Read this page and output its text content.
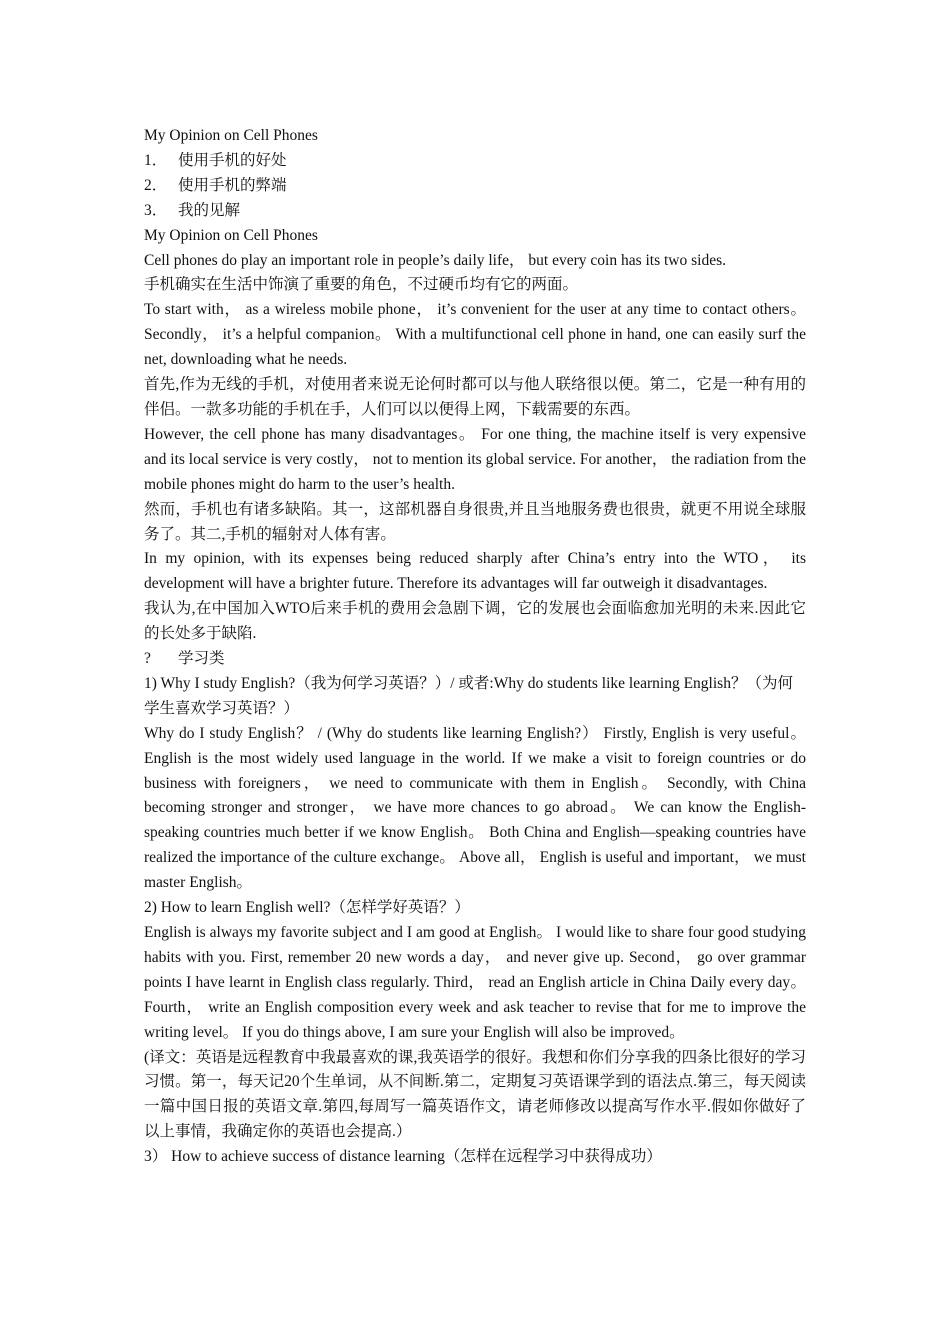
My Opinion on Cell Phones

1． 使用手机的好处

2． 使用手机的弊端

3． 我的见解

My Opinion on Cell Phones

Cell phones do play an important role in people’s daily life， but every coin has its two sides.

手机确实在生活中饰演了重要的角色，不过硬币均有它的两面。

To start with， as a wireless mobile phone， it’s convenient for the user at any time to contact others。 Secondly， it’s a helpful companion。 With a multifunctional cell phone in hand, one can easily surf the net, downloading what he needs.

首先,作为无线的手机，对使用者来说无论何时都可以与他人联络很以便。第二，它是一种有用的伴侣。一款多功能的手机在手，人们可以以便得上网，下载需要的东西。

However, the cell phone has many disadvantages。 For one thing, the machine itself is very expensive and its local service is very costly， not to mention its global service. For another， the radiation from the mobile phones might do harm to the user’s health.

然而，手机也有诸多缺陷。其一，这部机器自身很贵,并且当地服务费也很贵，就更不用说全球服务了。其二,手机的辐射对人体有害。

In my opinion, with its expenses being reduced sharply after China’s entry into the WTO， its development will have a brighter future. Therefore its advantages will far outweigh it disadvantages.

我认为,在中国加入WTO后来手机的费用会急剧下调，它的发展也会面临愈加光明的未来.因此它的长处多于缺陷.

? 学习类

1) Why I study English?（我为何学习英语？）/ 或者:Why do students like learning English？（为何学生喜欢学习英语？）

Why do I study English？ / (Why do students like learning English?） Firstly, English is very useful。 English is the most widely used language in the world. If we make a visit to foreign countries or do business with foreigners， we need to communicate with them in English。 Secondly, with China becoming stronger and stronger， we have more chances to go abroad。 We can know the English-speaking countries much better if we know English。 Both China and English—speaking countries have realized the importance of the culture exchange。 Above all， English is useful and important， we must master English。

2) How to learn English well?（怎样学好英语？）

English is always my favorite subject and I am good at English。 I would like to share four good studying habits with you. First, remember 20 new words a day， and never give up. Second， go over grammar points I have learnt in English class regularly. Third， read an English article in China Daily every day。 Fourth， write an English composition every week and ask teacher to revise that for me to improve the writing level。 If you do things above, I am sure your English will also be improved。

(译文：英语是远程教育中我最喜欢的课,我英语学的很好。我想和你们分享我的四条比很好的学习习惯。第一，每天记20个生单词，从不间断.第二，定期复习英语课学到的语法点.第三，每天阅读一篇中国日报的英语文章.第四,每周写一篇英语作文，请老师修改以提高写作水平.假如你做好了以上事情，我确定你的英语也会提高.）

3） How to achieve success of distance learning（怎样在远程学习中获得成功）
